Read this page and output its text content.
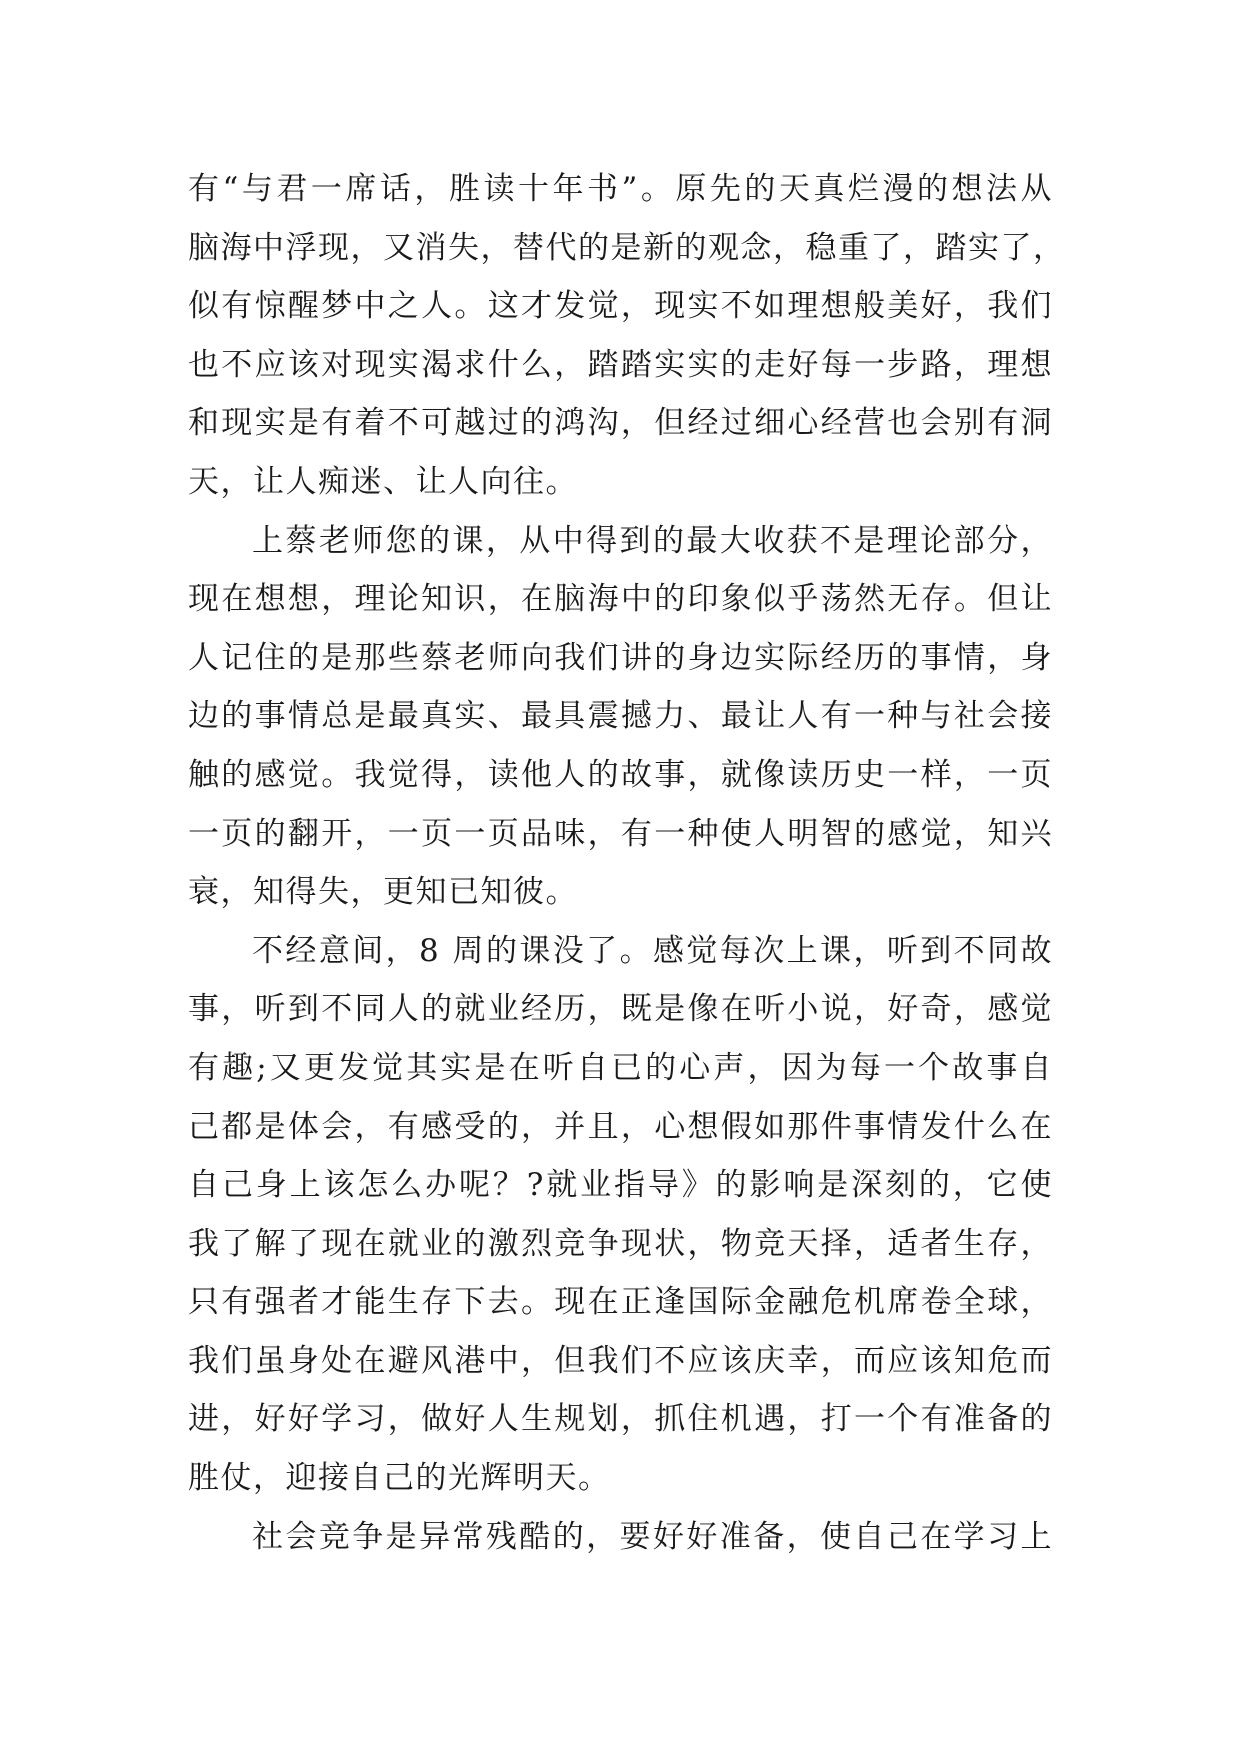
有“与君一席话，胜读十年书”。原先的天真烂漫的想法从
脑海中浮现，又消失，替代的是新的观念，稳重了，踏实了，
似有惊醒梦中之人。这才发觉，现实不如理想般美好，我们
也不应该对现实渴求什么，踏踏实实的走好每一步路，理想
和现实是有着不可越过的鸿沟，但经过细心经营也会别有洞
天，让人痴迷、让人向往。
上蔡老师您的课，从中得到的最大收获不是理论部分，
现在想想，理论知识，在脑海中的印象似乎荡然无存。但让
人记住的是那些蔡老师向我们讲的身边实际经历的事情，身
边的事情总是最真实、最具震撼力、最让人有一种与社会接
触的感觉。我觉得，读他人的故事，就像读历史一样，一页
一页的翻开，一页一页品味，有一种使人明智的感觉，知兴
衰，知得失，更知已知彼。
不经意间，8 周的课没了。感觉每次上课，听到不同故
事，听到不同人的就业经历，既是像在听小说，好奇，感觉
有趣;又更发觉其实是在听自已的心声，因为每一个故事自
己都是体会，有感受的，并且，心想假如那件事情发什么在
自己身上该怎么办呢？?就业指导》的影响是深刻的，它使
我了解了现在就业的激烈竞争现状，物竞天择，适者生存，
只有强者才能生存下去。现在正逢国际金融危机席卷全球，
我们虽身处在避风港中，但我们不应该庆幸，而应该知危而
进，好好学习，做好人生规划，抓住机遇，打一个有准备的
胜仗，迎接自己的光辉明天。
社会竞争是异常残酷的，要好好准备，使自己在学习上
